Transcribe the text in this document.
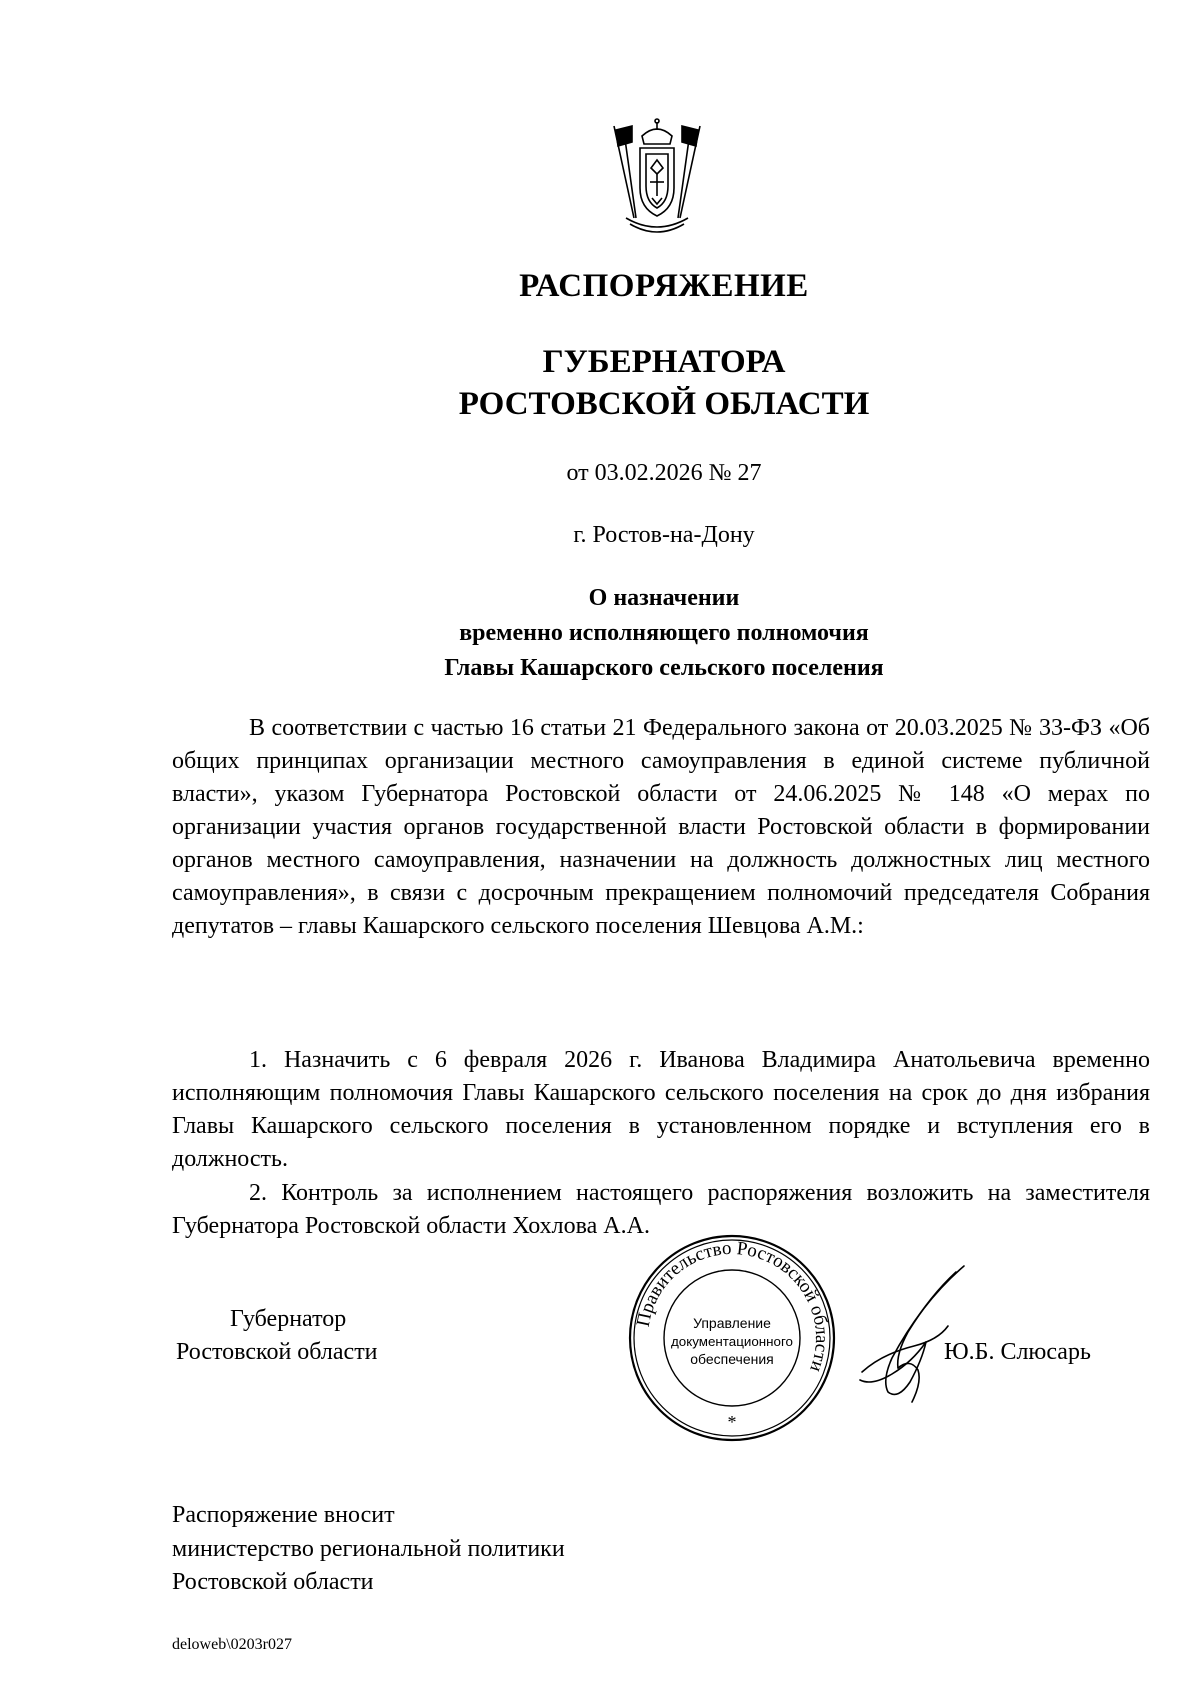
РАСПОРЯЖЕНИЕ
ГУБЕРНАТОРА
РОСТОВСКОЙ ОБЛАСТИ
от 03.02.2026 № 27
г. Ростов-на-Дону
О назначении
временно исполняющего полномочия
Главы Кашарского сельского поселения
В соответствии с частью 16 статьи 21 Федерального закона от 20.03.2025 № 33-ФЗ «Об общих принципах организации местного самоуправления в единой системе публичной власти», указом Губернатора Ростовской области от 24.06.2025 № 148 «О мерах по организации участия органов государственной власти Ростовской области в формировании органов местного самоуправления, назначении на должность должностных лиц местного самоуправления», в связи с досрочным прекращением полномочий председателя Собрания депутатов – главы Кашарского сельского поселения Шевцова А.М.:
1. Назначить с 6 февраля 2026 г. Иванова Владимира Анатольевича временно исполняющим полномочия Главы Кашарского сельского поселения на срок до дня избрания Главы Кашарского сельского поселения в установленном порядке и вступления его в должность.
2. Контроль за исполнением настоящего распоряжения возложить на заместителя Губернатора Ростовской области Хохлова А.А.
Губернатор
Ростовской области
Правительство Ростовской области
Управление
документационного
обеспечения
*
Ю.Б. Слюсарь
Распоряжение вносит
министерство региональной политики
Ростовской области
deloweb\0203r027
